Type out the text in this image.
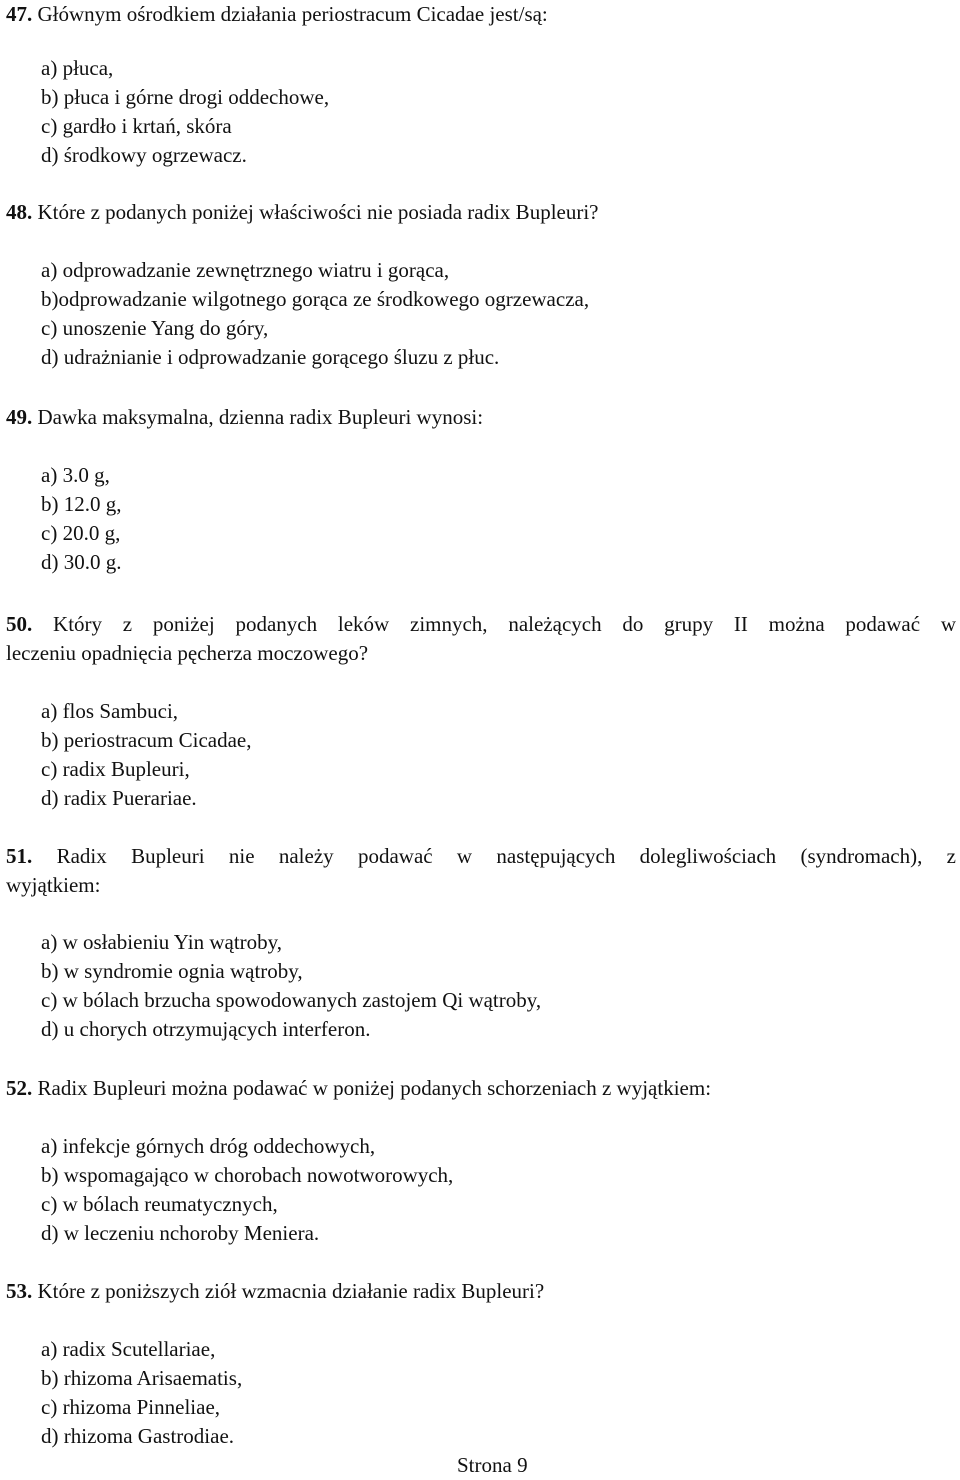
47. Głównym ośrodkiem działania periostracum Cicadae jest/są:
a) płuca,
b) płuca i górne drogi oddechowe,
c) gardło i krtań, skóra
d) środkowy ogrzewacz.
48. Które z podanych poniżej właściwości nie posiada radix Bupleuri?
a) odprowadzanie zewnętrznego wiatru i gorąca,
b)odprowadzanie wilgotnego gorąca ze środkowego ogrzewacza,
c) unoszenie Yang do góry,
d) udrażnianie i odprowadzanie gorącego śluzu z płuc.
49. Dawka maksymalna, dzienna radix Bupleuri wynosi:
a) 3.0 g,
b) 12.0 g,
c) 20.0 g,
d) 30.0 g.
50. Który z poniżej podanych leków zimnych, należących do grupy II można podawać w
leczeniu opadnięcia pęcherza moczowego?
a) flos Sambuci,
b) periostracum Cicadae,
c) radix Bupleuri,
d) radix Puerariae.
51. Radix Bupleuri nie należy podawać w następujących dolegliwościach (syndromach), z
wyjątkiem:
a) w osłabieniu Yin wątroby,
b) w syndromie ognia wątroby,
c) w bólach brzucha spowodowanych zastojem Qi wątroby,
d) u chorych otrzymujących interferon.
52. Radix Bupleuri można podawać w poniżej podanych schorzeniach z wyjątkiem:
a) infekcje górnych dróg oddechowych,
b) wspomagająco w chorobach nowotworowych,
c) w bólach reumatycznych,
d) w leczeniu nchoroby Meniera.
53. Które z poniższych ziół wzmacnia działanie radix Bupleuri?
a) radix Scutellariae,
b) rhizoma Arisaematis,
c) rhizoma Pinneliae,
d) rhizoma Gastrodiae.
Strona 9
